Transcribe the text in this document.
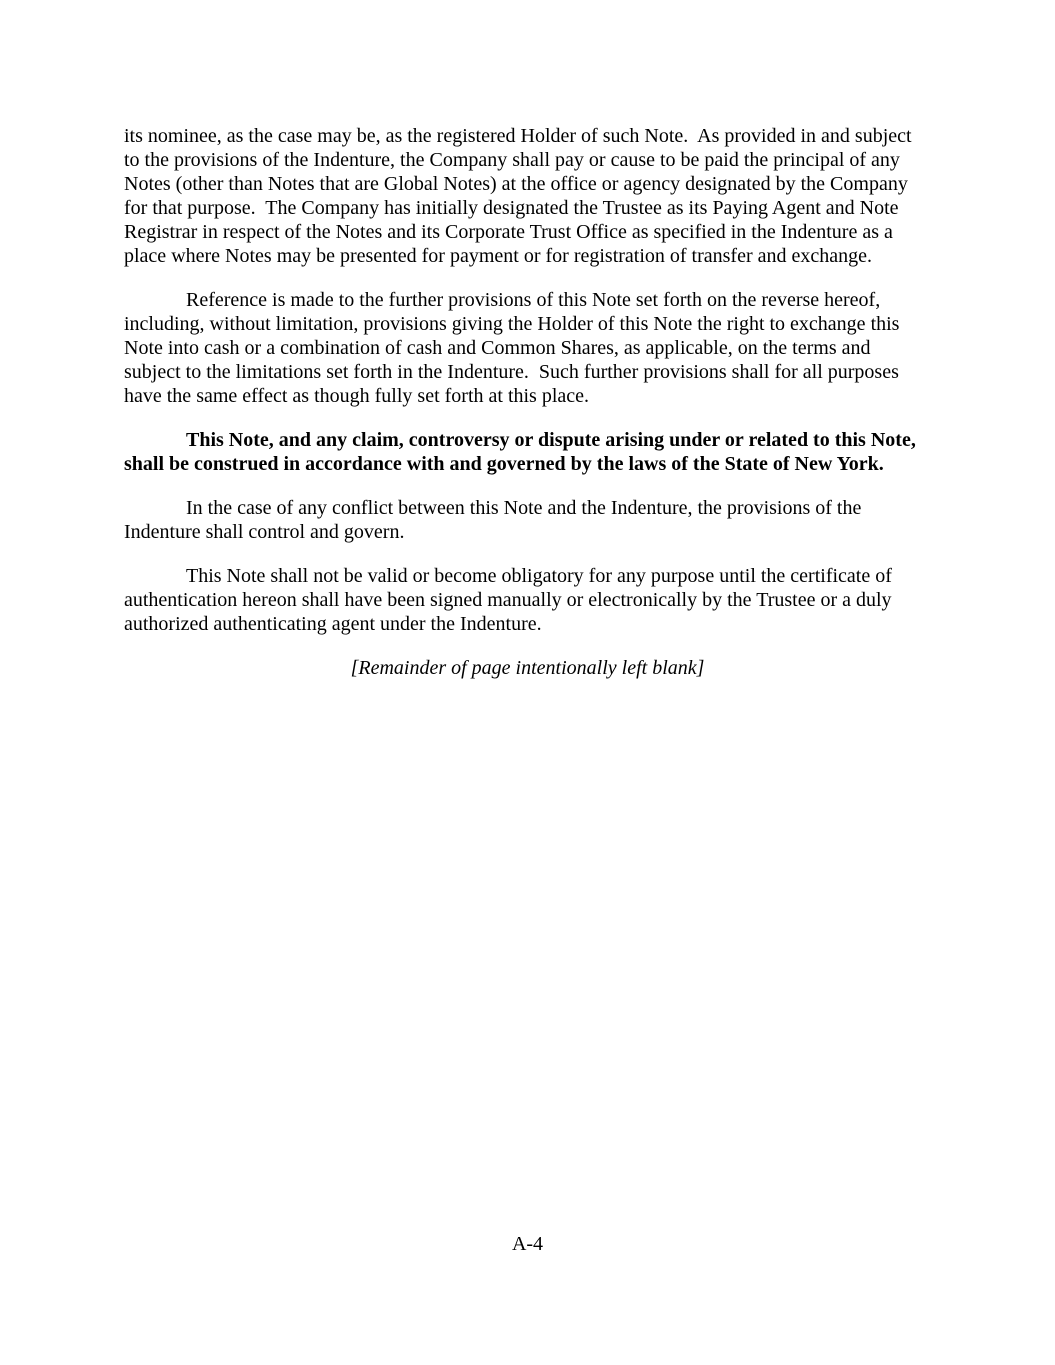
its nominee, as the case may be, as the registered Holder of such Note.  As provided in and subject to the provisions of the Indenture, the Company shall pay or cause to be paid the principal of any Notes (other than Notes that are Global Notes) at the office or agency designated by the Company for that purpose.  The Company has initially designated the Trustee as its Paying Agent and Note Registrar in respect of the Notes and its Corporate Trust Office as specified in the Indenture as a place where Notes may be presented for payment or for registration of transfer and exchange.

Reference is made to the further provisions of this Note set forth on the reverse hereof, including, without limitation, provisions giving the Holder of this Note the right to exchange this Note into cash or a combination of cash and Common Shares, as applicable, on the terms and subject to the limitations set forth in the Indenture.  Such further provisions shall for all purposes have the same effect as though fully set forth at this place.

This Note, and any claim, controversy or dispute arising under or related to this Note, shall be construed in accordance with and governed by the laws of the State of New York.

In the case of any conflict between this Note and the Indenture, the provisions of the Indenture shall control and govern.

This Note shall not be valid or become obligatory for any purpose until the certificate of authentication hereon shall have been signed manually or electronically by the Trustee or a duly authorized authenticating agent under the Indenture.

[Remainder of page intentionally left blank]

A-4
